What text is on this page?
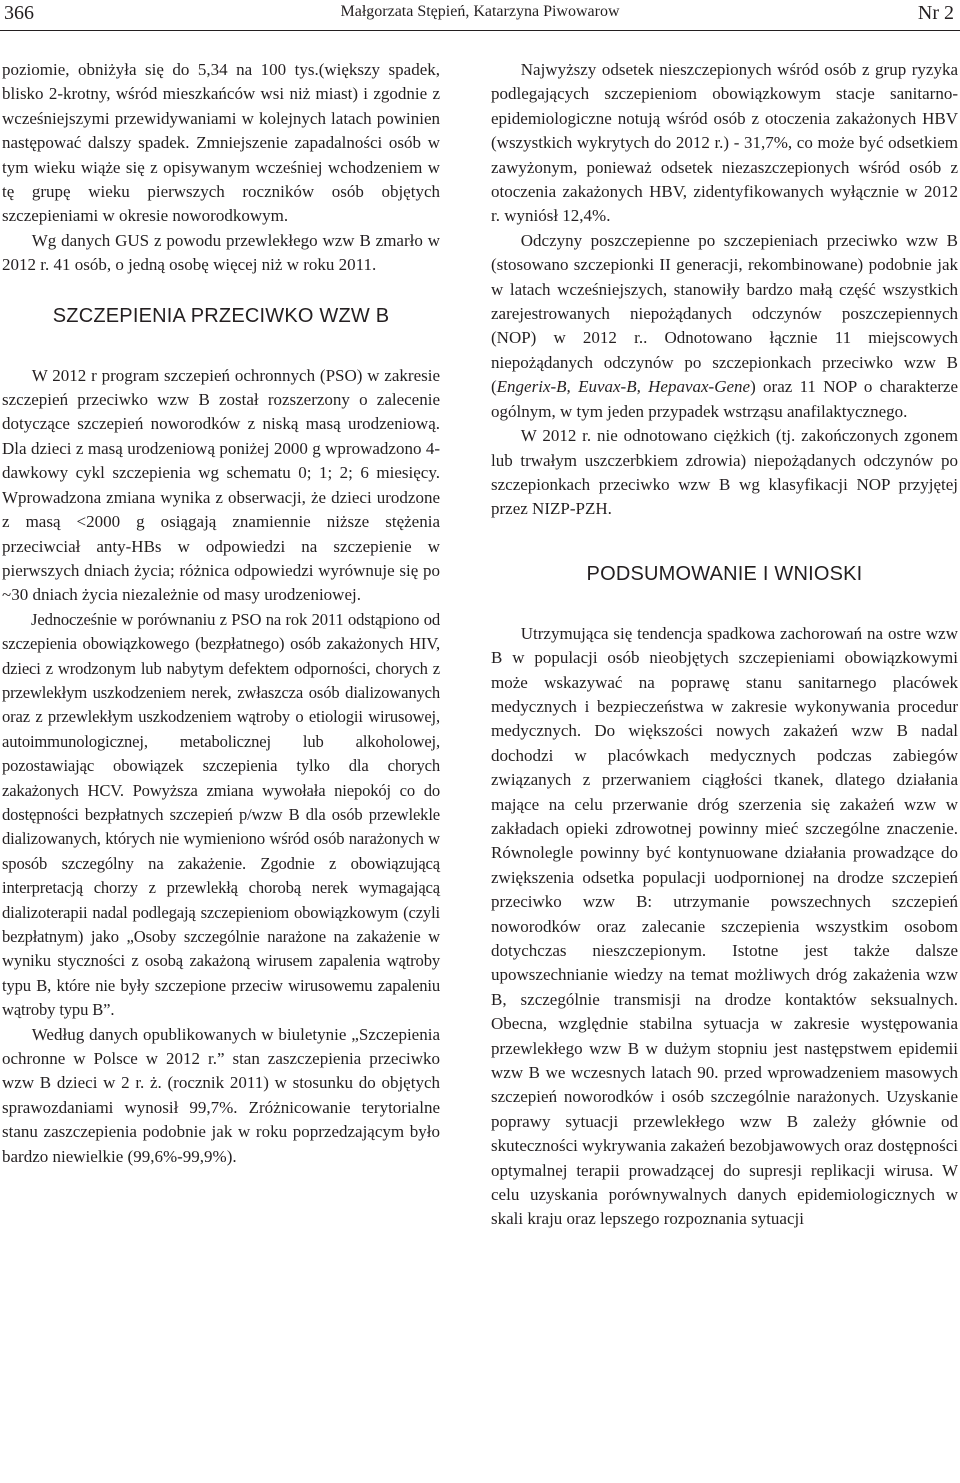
366	Małgorzata Stępień, Katarzyna Piwowarow	Nr 2

poziomie, obniżyła się do 5,34 na 100 tys.(większy spadek, blisko 2-krotny, wśród mieszkańców wsi niż miast) i zgodnie z wcześniejszymi przewidywaniami w kolejnych latach powinien następować dalszy spadek. Zmniejszenie zapadalności osób w tym wieku wiąże się z opisywanym wcześniej wchodzeniem w tę grupę wieku pierwszych roczników osób objętych szczepieniami w okresie noworodkowym.

Wg danych GUS z powodu przewlekłego wzw B zmarło w 2012 r. 41 osób, o jedną osobę więcej niż w roku 2011.

SZCZEPIENIA PRZECIWKO WZW B

W 2012 r program szczepień ochronnych (PSO) w zakresie szczepień przeciwko wzw B został rozszerzony o zalecenie dotyczące szczepień noworodków z niską masą urodzeniową. Dla dzieci z masą urodzeniową poniżej 2000 g wprowadzono 4-dawkowy cykl szczepienia wg schematu 0; 1; 2; 6 miesięcy. Wprowadzona zmiana wynika z obserwacji, że dzieci urodzone z masą <2000 g osiągają znamiennie niższe stężenia przeciwciał anty-HBs w odpowiedzi na szczepienie w pierwszych dniach życia; różnica odpowiedzi wyrównuje się po ~30 dniach życia niezależnie od masy urodzeniowej.

Jednocześnie w porównaniu z PSO na rok 2011 odstąpiono od szczepienia obowiązkowego (bezpłatnego) osób zakażonych HIV, dzieci z wrodzonym lub nabytym defektem odporności, chorych z przewlekłym uszkodzeniem nerek, zwłaszcza osób dializowanych oraz z przewlekłym uszkodzeniem wątroby o etiologii wirusowej, autoimmunologicznej, metabolicznej lub alkoholowej, pozostawiając obowiązek szczepienia tylko dla chorych zakażonych HCV. Powyższa zmiana wywołała niepokój co do dostępności bezpłatnych szczepień p/wzw B dla osób przewlekle dializowanych, których nie wymieniono wśród osób narażonych w sposób szczególny na zakażenie. Zgodnie z obowiązującą interpretacją chorzy z przewlekłą chorobą nerek wymagającą dializoterapii nadal podlegają szczepieniom obowiązkowym (czyli bezpłatnym) jako „Osoby szczególnie narażone na zakażenie w wyniku styczności z osobą zakażoną wirusem zapalenia wątroby typu B, które nie były szczepione przeciw wirusowemu zapaleniu wątroby typu B”.

Według danych opublikowanych w biuletynie „Szczepienia ochronne w Polsce w 2012 r.” stan zaszczepienia przeciwko wzw B dzieci w 2 r. ż. (rocznik 2011) w stosunku do objętych sprawozdaniami wynosił 99,7%. Zróżnicowanie terytorialne stanu zaszczepienia podobnie jak w roku poprzedzającym było bardzo niewielkie (99,6%-99,9%).

Najwyższy odsetek nieszczepionych wśród osób z grup ryzyka podlegających szczepieniom obowiązkowym stacje sanitarno-epidemiologiczne notują wśród osób z otoczenia zakażonych HBV (wszystkich wykrytych do 2012 r.) - 31,7%, co może być odsetkiem zawyżonym, ponieważ odsetek niezaszczepionych wśród osób z otoczenia zakażonych HBV, zidentyfikowanych wyłącznie w 2012 r. wyniósł 12,4%.

Odczyny poszczepienne po szczepieniach przeciwko wzw B (stosowano szczepionki II generacji, rekombinowane) podobnie jak w latach wcześniejszych, stanowiły bardzo małą część wszystkich zarejestrowanych niepożądanych odczynów poszczepiennych (NOP) w 2012 r.. Odnotowano łącznie 11 miejscowych niepożądanych odczynów po szczepionkach przeciwko wzw B (Engerix-B, Euvax-B, Hepavax-Gene) oraz 11 NOP o charakterze ogólnym, w tym jeden przypadek wstrząsu anafilaktycznego.

W 2012 r. nie odnotowano ciężkich (tj. zakończonych zgonem lub trwałym uszczerbkiem zdrowia) niepożądanych odczynów po szczepionkach przeciwko wzw B wg klasyfikacji NOP przyjętej przez NIZP-PZH.

PODSUMOWANIE I WNIOSKI

Utrzymująca się tendencja spadkowa zachorowań na ostre wzw B w populacji osób nieobjętych szczepieniami obowiązkowymi może wskazywać na poprawę stanu sanitarnego placówek medycznych i bezpieczeństwa w zakresie wykonywania procedur medycznych. Do większości nowych zakażeń wzw B nadal dochodzi w placówkach medycznych podczas zabiegów związanych z przerwaniem ciągłości tkanek, dlatego działania mające na celu przerwanie dróg szerzenia się zakażeń wzw w zakładach opieki zdrowotnej powinny mieć szczególne znaczenie. Równolegle powinny być kontynuowane działania prowadzące do zwiększenia odsetka populacji uodpornionej na drodze szczepień przeciwko wzw B: utrzymanie powszechnych szczepień noworodków oraz zalecanie szczepienia wszystkim osobom dotychczas nieszczepionym. Istotne jest także dalsze upowszechnianie wiedzy na temat możliwych dróg zakażenia wzw B, szczególnie transmisji na drodze kontaktów seksualnych. Obecna, względnie stabilna sytuacja w zakresie występowania przewlekłego wzw B w dużym stopniu jest następstwem epidemii wzw B we wczesnych latach 90. przed wprowadzeniem masowych szczepień noworodków i osób szczególnie narażonych. Uzyskanie poprawy sytuacji przewlekłego wzw B zależy głównie od skuteczności wykrywania zakażeń bezobjawowych oraz dostępności optymalnej terapii prowadzącej do supresji replikacji wirusa. W celu uzyskania porównywalnych danych epidemiologicznych w skali kraju oraz lepszego rozpoznania sytuacji
